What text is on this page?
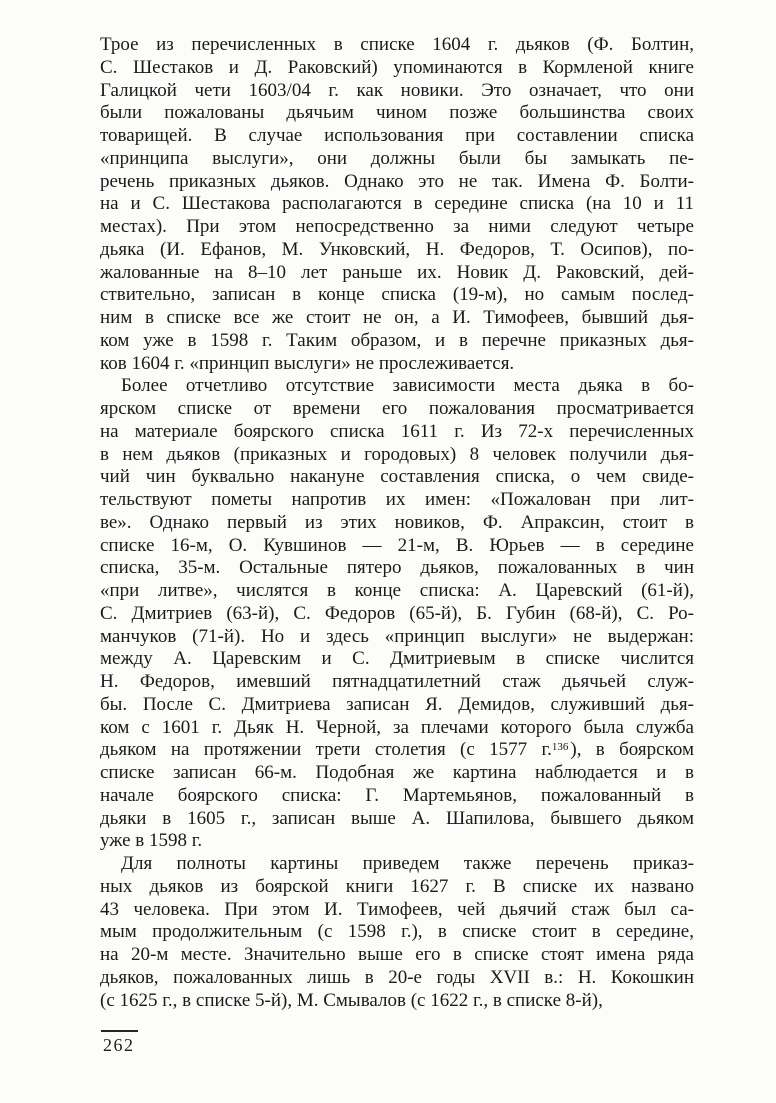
Трое из перечисленных в списке 1604 г. дьяков (Ф. Болтин,
С. Шестаков и Д. Раковский) упоминаются в Кормленой книге
Галицкой чети 1603/04 г. как новики. Это означает, что они
были пожалованы дьячьим чином позже большинства своих
товарищей. В случае использования при составлении списка
«принципа выслуги», они должны были бы замыкать пе-
речень приказных дьяков. Однако это не так. Имена Ф. Болти-
на и С. Шестакова располагаются в середине списка (на 10 и 11
местах). При этом непосредственно за ними следуют четыре
дьяка (И. Ефанов, М. Унковский, Н. Федоров, Т. Осипов), по-
жалованные на 8–10 лет раньше их. Новик Д. Раковский, дей-
ствительно, записан в конце списка (19-м), но самым послед-
ним в списке все же стоит не он, а И. Тимофеев, бывший дья-
ком уже в 1598 г. Таким образом, и в перечне приказных дья-
ков 1604 г. «принцип выслуги» не прослеживается.
Более отчетливо отсутствие зависимости места дьяка в бо-
ярском списке от времени его пожалования просматривается
на материале боярского списка 1611 г. Из 72-х перечисленных
в нем дьяков (приказных и городовых) 8 человек получили дья-
чий чин буквально накануне составления списка, о чем свиде-
тельствуют пометы напротив их имен: «Пожалован при лит-
ве». Однако первый из этих новиков, Ф. Апраксин, стоит в
списке 16-м, О. Кувшинов — 21-м, В. Юрьев — в середине
списка, 35-м. Остальные пятеро дьяков, пожалованных в чин
«при литве», числятся в конце списка: А. Царевский (61-й),
С. Дмитриев (63-й), С. Федоров (65-й), Б. Губин (68-й), С. Ро-
манчуков (71-й). Но и здесь «принцип выслуги» не выдержан:
между А. Царевским и С. Дмитриевым в списке числится
Н. Федоров, имевший пятнадцатилетний стаж дьячьей служ-
бы. После С. Дмитриева записан Я. Демидов, служивший дья-
ком с 1601 г. Дьяк Н. Черной, за плечами которого была служба
дьяком на протяжении трети столетия (с 1577 г.$^{136}$ ), в боярском
списке записан 66-м. Подобная же картина наблюдается и в
начале боярского списка: Г. Мартемьянов, пожалованный в
дьяки в 1605 г., записан выше А. Шапилова, бывшего дьяком
уже в 1598 г.
Для полноты картины приведем также перечень приказ-
ных дьяков из боярской книги 1627 г. В списке их названо
43 человека. При этом И. Тимофеев, чей дьячий стаж был са-
мым продолжительным (с 1598 г.), в списке стоит в середине,
на 20-м месте. Значительно выше его в списке стоят имена ряда
дьяков, пожалованных лишь в 20-е годы XVII в.: Н. Кокошкин
(с 1625 г., в списке 5-й), М. Смывалов (с 1622 г., в списке 8-й),
262
